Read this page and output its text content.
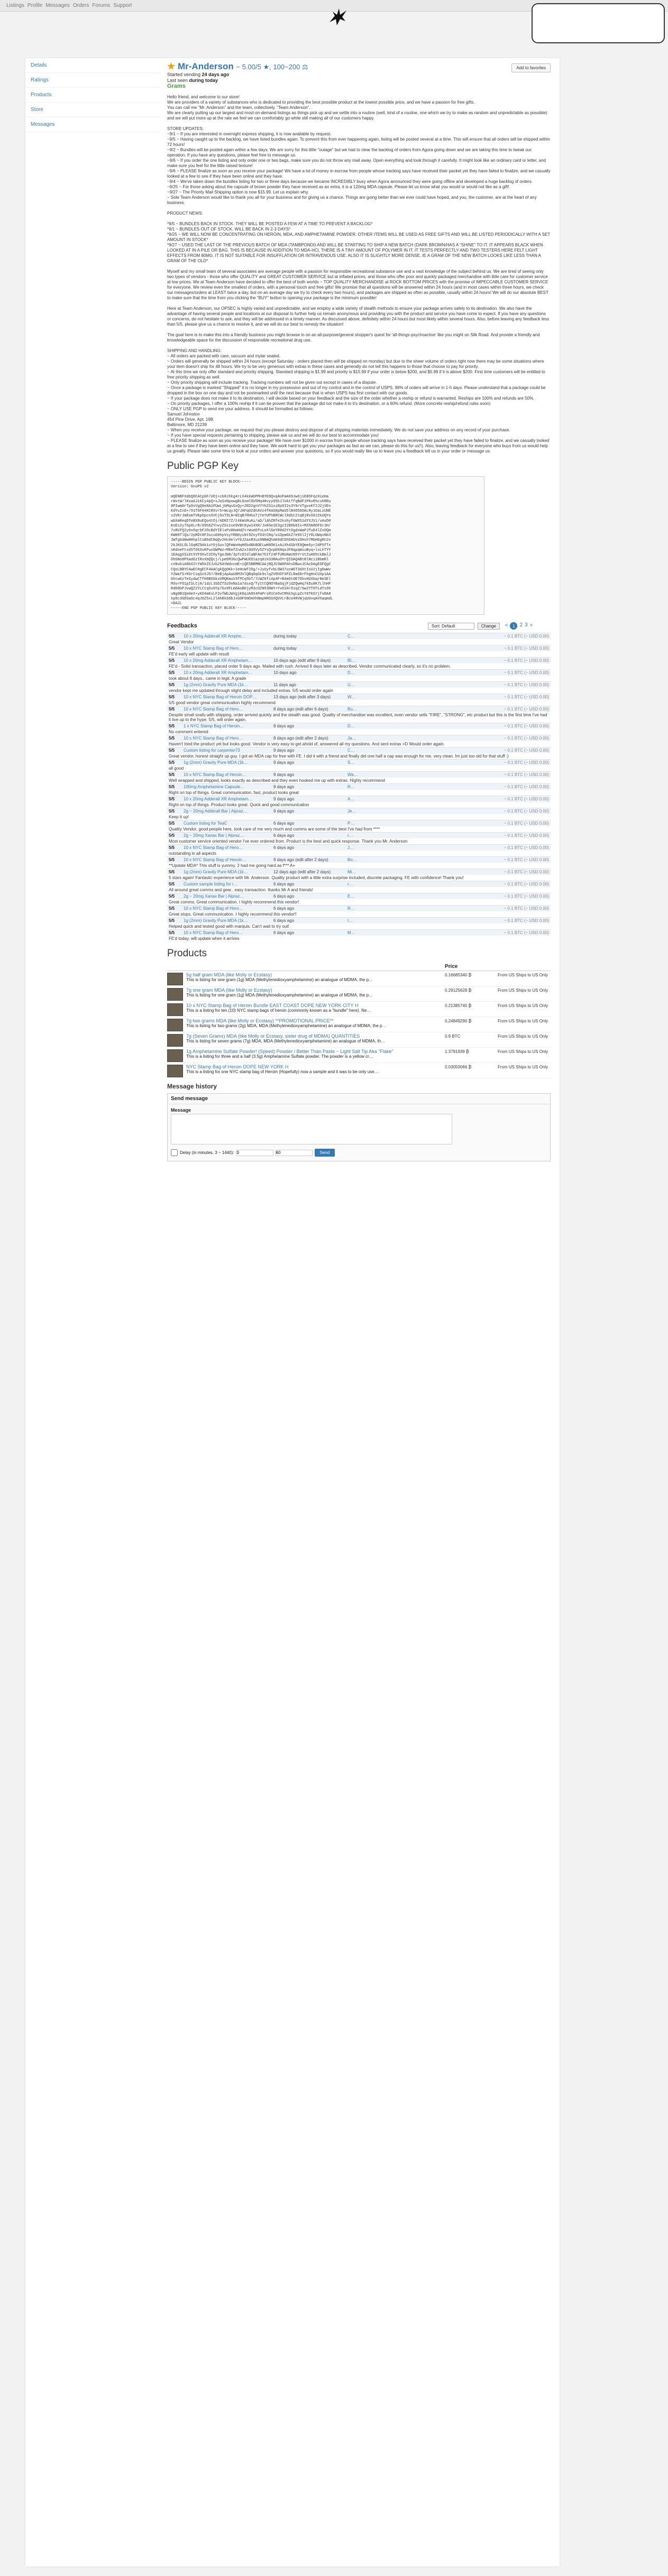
Listings Profile Messages Orders Forums Support
Details
Ratings
Products
Store
Messages
Add to favorites
★ Mr-Anderson ~ 5.00/5 ★, 100~200 ⚖
Started vending 24 days ago
Last seen during today
Grams
Hello friend, and welcome to our store!
We are providers of a variety of substances who is dedicated to providing the best possible product at the lowest possible price, and we have a passion for free gifts.
You can call me "Mr. Anderson" and the team, collectively, "Team Anderson".
We are clearly putting up our largest and most-on-demand listings as things pick up and we settle into a routine (well, kind of a routine, one which we try to make as random and unpredictable as possible) and we will put more up at the rate we feel we can comfortably go while still making all of our customers happy.

STORE UPDATES:
~9/1 ~ If you are interested in overnight express shipping, it is now available by request.
~9/5 ~ Having caught up to the backlog, we have listed bundles again. To prevent this from ever happening again, listing will be posted several at a time. This will ensure that all orders will be shipped within 72 hours!
~9/2 ~ Bundles will be posted again within a few days. We are sorry for this little "outage" but we had to clear the backlog of orders from Agora going down and we are taking this time to tweak our operation. If you have any questions, please feel free to message us.
~9/6 ~ If you order the one listing and only order one or two bags, make sure you do not throw any mail away. Open everything and look through it carefully. It might look like an ordinary card or letter, and make sure you feel for the little raised texture!
~9/6 ~ PLEASE finalize as soon as you receive your package! We have a lot of money in escrow from people whose tracking says have received their packet yet they have failed to finalize, and we casually looked at a few to see if they have been online and they have.
~9/4 ~ We've taken down the bundles listing for two or three days because we became INCREDIBLY busy when Agora announced they were going offline and developed a huge backlog of orders.
~9/25 ~ For those asking about the capsule of brown powder they have received as an extra, it is a 120mg MDA capsule. Please let us know what you would or would not like as a gift!
~9/27 ~ The Priority Mail Shipping option is now $15.99. Let us explain why.
~ Sole Team Anderson would like to thank you all for your business and for giving us a chance. Things are going better than we ever could have hoped, and you, the customer, are at the heart of any business.

PRODUCT NEWS:

*9/5 ~ BUNDLES BACK IN STOCK. THEY WILL BE POSTED A FEW AT A TIME TO PREVENT A BACKLOG*
*9/1 ~ BUNDLES OUT OF STOCK. WILL BE BACK IN 2-3 DAYS*
*9/25 ~ WE WILL NOW BE CONCENTRATING ON HEROIN, MDA, AND AMPHETAMINE POWDER. OTHER ITEMS WILL BE USED AS FREE GIFTS AND WILL BE LISTED PERIODICALLY WITH A SET AMOUNT IN STOCK*
*9/27 ~ USED THE LAST OF THE PREVIOUS BATCH OF MDA (TAMBPONDI) AND WILL BE STARTING TO SHIP A NEW BATCH (DARK BROWN/HAS A "SHINE" TO IT. IT APPEARS BLACK WHEN LOOKED AT IN A PILE OR BAG. THIS IS BECAUSE IN ADDITION TO MDA-HCl, THERE IS A TINY AMOUNT OF POLYMER IN IT. IT TESTS PERFECTLY AND TWO TESTERS HERE FELT LIGHT EFFECTS FROM 80MG. IT IS NOT SUITABLE FOR INSUFFLATION OR INTRAVENOUS USE. ALSO IT IS SLIGHTLY MORE DENSE, IE A GRAM OF THE NEW BATCH LOOKS LIKE LESS THAN A GRAM OF THE OLD*

Myself and my small team of several associates are average people with a passion for responsible recreational substance use and a vast knowledge of the subject behind us. We are tired of seeing only two types of vendors - those who offer QUALITY and GREAT CUSTOMER SERVICE but at inflated prices, and those who offer poor and quickly packaged merchandise with little care for customer service at low prices. We at Team Anderson have decided to offer the best of both worlds ~ TOP QUALITY MERCHANDISE at ROCK BOTTOM PRICES with the promise of IMPECCABLE CUSTOMER SERVICE for everyone. We review even the smallest of orders, with a personal touch and free gifts! We promise that all questions will be answered within 24 hours (and in most cases within three hours, we check our messages/orders at LEAST twice a day, but on an average day we try to check every two hours), and packages are shipped as often as possible, usually within 24 hours! We will do our absolute BEST to make sure that the time from you clicking the "BUY" button to opening your package is the minimum possible!

Here at Team Anderson, our OPSEC is highly varied and unpredictable, and we employ a wide variety of stealth methods to ensure your package arrives safely to its destination. We also have the advantage of having several people and locations at our disposal to further help us remain anonymous and providing you with the product and service you have come to expect. If you have any questions or concerns, do not hesitate to ask, and they will be addressed in a timely manner. As discussed above, definitely within 24 hours but most likely within several hours. Also, before leaving any feedback less than 5/5, please give us a chance to resolve it, and we will do our best to remedy the situation!

The goal here is to make this into a friendly business you might browse in on an all-purpose/general shopper's quest for 'all-things-psychoactive' like you might on Silk Road. And provide a friendly and knowledgeable space for the discussion of responsible recreational drug use.

SHIPPING AND HANDLING:
~ All orders are packed with care, vacuum and mylar sealed.
~ Orders will generally be shipped within 24 hours (except Saturday - orders placed then will be shipped on monday) but due to the sheer volume of orders right now there may be some situations where your item doesn't ship for 48 hours. We try to be very generous with extras in these cases and generally do not tell this happens to those that choose to pay for priority.
~ At this time we only offer standard and priority shipping. Standard shipping is $1.99 and priority is $15.99 if your order is below $200, and $5.99 if it is above $200. First time customers will be entitled to free priority shipping as well.
~ Only priority shipping will include tracking. Tracking numbers will not be given out except in cases of a dispute.
~ Once a package is marked "Shipped" it is no longer in my possession and out of my control and in the control of USPS. 99% of orders will arrive in 1-5 days. Please understand that a package could be dropped in the box on one day and not be postmarked until the next because that is when USPS has first contact with our goods.
~ If your package does not make it to its destination, I will decide based on your feedback and the size of the order whether a reship or refund is warranted. Reships are 100% and refunds are 50%.
~ On priority packages, I offer a 100% reship if it can be proven that the package did not make it to it's destination, or a 60% refund. (More concrete reship/refund rules soon)
~ ONLY USE PGP to send me your address. It should be formatted as follows:
Samuel Johnston
454 Pine Drive, Apt. 19B
Baltimore, MD 21239
~ When you receive your package, we request that you please destroy and dispose of all shipping materials immediately. We do not save your address on any record of your purchase.
~ If you have special requests pertaining to shipping, please ask us and we will do our best to accommodate you!
~ PLEASE finalize as soon as you receive your package! We have over $1000 in escrow from people whose tracking says have received their packet yet they have failed to finalize, and we casually looked at a few to see if they have been online and they have. We work hard to get you your packages as fast as we can, please do this for us!!). Also, leaving feedback for everyone who buys from us would help us greatly. Please take some time to look at your orders and answer your questions, so if you would really like us to leave you a feedback tell us in your order or message us.
Public PGP Key
-----BEGIN PGP PUBLIC KEY BLOCK-----
Version: GnuPG v2

mQENBFXdbQ8CACpGF/UOj+cb8JXkg4rLX4kkWUPMnBYE8QvqAUFmA69Jw6jiEB5Fqz0ieHa
rWvtW/lHxaAJiKCy4pQ+sJuSsNpowgBLGxeCOU5Mq4HvyyO5kJlVAtTfqBdF1PKvR5cshRRu
8PIwm0rTp9xVgQ9e8A1PUwLjbMqsGxQy+2ED2gnVYYh2S1xiRp9I2s3Y9rVTgvxKf2J2jVEn
KdYuInG+/91f6F04KCRXvr5+WcqyJQ7JAFq0ZdhAVz4fKmS0pMaU5lB4O5GOALRy1OaLzUNE
s2VKrJmEomTVKpOpcnXVCjOxT9LN+BIqB7RHhuTjYeYUPhB8CWcl9dbt2tqBjRvS8J2kUQYo
wbXmReqDfeBX8uEQo4tOj/ADNI7Z/t4kWsRuAi/aD/lAhZRfe2kshyf6WX51dYXJVi/vAvD0
KnEs2y7hp8LrR/d9h6ZYnvyZSs1xe9VBt8ywI4XR/JxKGe1E3gzI2B0b6Ix+MX5N8OFGr3H/
7xRUfQ2y0xOqrbF2OcBdYIElxPv8KmHdZtrWueDfnLoXlGeYR8d2YtOgdxWaPJfuE4lZx0Qm
KWH8TlQo/2pMDt8F3scu60hpVsyYRB0yiNt9ZnyfD4tCRq/u1DpmGkZ7e9XlIjY8LOWqvNb3
JWfg6dHw0HhplCsB6dCNqQv2Hc0elvYbJ2axR3uz0NBmQhAK0dCGhDAbVzOHsh7MbHGgRn2v
2kJK6LOLlGqMZ9Ak1uY0jGuvlQFmWxHqH6b4BkBOELwH8OK1xAiXh4SbYE9Qme6yr2dP5fTx
nKdoeFtxd5T6hXvKPuoSWPWz+MEmfZnA2xt0U5Vy5ZYsQvpEKNqoJFNqpqWiuByq+lxLhTYY
1EAqgXSi0t5YF9XvC3I0yTgeJN8/3pTcOIdlaNFAe7hIf24FfURUAWzN5YrVtZuH05tkBmlJ
OhSNo8PXadGzIRxXbQQcj/Lpm5M3GcQwPWUXD1azq0ikG3RAuOYrQIDAQABtBlNci1BbmRl
cnNvbiA8bXItYW5kZXJzb25AYWdvcmE+iQE5BBMBCAAjBQJV3W0PAhsDBwsJCAcDAgEGFQgC
CQoLBBYCAwECHgECF4AACgkQg0Kk+1eHvWf2Dg/+JyUyfvbLOW37ucWGT3dXtIsU2jIg0wWv
Y2WafS+M3rCsqSx5J57/BeBjApAaU8M3VlQBqOqGk9slqZVOhDfXPZLRmG8rFhgHnCUXp1AA
Ghtw6zTeSydwCTfH9BSGkxUMQKmuV3fPCq5bT/7cWZ0fi4p4F+B4mOt0E7OkvHUXbqrNeSEl
MSvrFO1pISLCjA/1dzL3SDZTSzOnNa1a7dsxQ/TyItCQNOYBaGqjFjdZQwHq7kDu8K7LlhHF
RdD0bPJvwQZ2YLCtqSv0Yp7Gx9FLm6AoBHjyM3cDZN53RWY+YvO1HrOiqZ/6w2YT0TLdYs9h
uNg0B1QeHeX+yKO4mKsLF2vfWbJmVgjK8qJA8X4FmPrsR1CeOvCMhk5gLpZcY6TKG7jfxRA8
kp0c3GDSaGc4qJGZ5xL2lAhRkS8bJxG0F6NOAXhBmpHRGSXQUVLrBcU4RVWjqUUvqAVXaqmdL
=DA2L
-----END PGP PUBLIC KEY BLOCK-----
Feedbacks	Sort: Default	Change	«	1 2 3 »
5/5	10 x 20mg Adderall XR Amphe…	during today	C…	~ 0.1 BTC (~ USD 0.00)
Great Vendor				
5/5	10 x NYC Stamp Bag of Hero…	during today	V…	~ 0.1 BTC (~ USD 0.00)
FE'd early will update with result				
5/5	10 x 20mg Adderall XR Amphetam…	10 days ago (edit after 9 days)	Bl…	~ 0.1 BTC (~ USD 0.00)
FE'd - Solid transaction, placed order 9 days ago. Mailed with rush. Arrived 8 days later as described. Vendor communicated clearly, so it's no problem.				
5/5	10 x 20mg Adderall XR Amphetam…	10 days ago	D…	~ 0.1 BTC (~ USD 0.00)
took about 8 days.. came in legit. A grade				
5/5	1g (2mm) Gravity Pure MDA (1k…	11 days ago	U…	~ 0.1 BTC (~ USD 0.00)
vendor kept me updated through slight delay and included extras. 5/5 would order again				
5/5	10 x NYC Stamp Bag of Heroin DOP…	13 days ago (edit after 3 days)	W…	~ 0.1 BTC (~ USD 0.00)
5/5 good vendor great communication highly recommend				
5/5	10 x NYC Stamp Bag of Hero…	8 days ago (edit after 6 days)	Bu…	~ 0.1 BTC (~ USD 0.00)
Despite small snafu with shipping, order arrived quickly and the stealth was good. Quality of merchandise was excellent, even vendor sells "FIRE", "STRONG", etc product but this is the first time I've had it live up to the hype. 5/5, will order again.				
5/5	1 x NYC Stamp Bag of Heroin…	8 days ago	D…	~ 0.1 BTC (~ USD 0.00)
No comment entered				
5/5	10 x NYC Stamp Bag of Hero…	8 days ago (edit after 2 days)	Ja…	~ 0.1 BTC (~ USD 0.00)
Haven't tried the product yet but looks good. Vendor is very easy to get ahold of, answered all my questions. And sent extras =D Would order again.				
5/5	Custom listing for carpenter73	9 days ago	C…	~ 0.1 BTC (~ USD 0.00)
Great vendor, honest straight up guy. I got an MDA cap for free with FE. I did it with a friend and finally did one half a cap was enough for me, very clean. Im just too old for that stuff :)				
5/5	1g (2mm) Gravity Pure MDA (1k…	9 days ago	S…	~ 0.1 BTC (~ USD 0.00)
all good				
5/5	10 x NYC Stamp Bag of Heroin…	9 days ago	Wa…	~ 0.1 BTC (~ USD 0.00)
Well wrapped and shipped, looks exactly as described and they even hooked me up with extras. Highly recommend				
5/5	100mg Amphetamine Capsule…	9 days ago	R…	~ 0.1 BTC (~ USD 0.00)
Right on top of things. Great communication, fast, product looks great				
5/5	10 x 20mg Adderall XR Amphetam…	9 days ago	A…	~ 0.1 BTC (~ USD 0.00)
Right on top of things. Product looks great. Quick and good communication				
5/5	2g ~ 20mg Adderall Bar | Alpraz…	9 days ago	Je…	~ 0.1 BTC (~ USD 0.00)
Keep it up!				
5/5	Custom listing for TeaC	6 days ago	P…	~ 0.1 BTC (~ USD 0.00)
Quality Vendor, good people here, took care of me very much and comms are some of the best I've had from ****				
5/5	2g ~ 20mg Xanax Bar | Alpraz…	6 days ago	r…	~ 0.1 BTC (~ USD 0.00)
Most customer service oriented vendor I've ever ordered from. Product is the best and quick response. Thank you Mr. Anderson				
5/5	10 x NYC Stamp Bag of Hero…	6 days ago	J…	~ 0.1 BTC (~ USD 0.00)
outstanding in all aspects				
5/5	10 x NYC Stamp Bag of Heroin…	9 days ago (edit after 2 days)	Bo…	~ 0.1 BTC (~ USD 0.00)
**Update MDA* This stuff is yummy. 2 had me going hard as f*** A+				
5/5	1g (2mm) Gravity Pure MDA (1k…	12 days ago (edit after 2 days)	Mi…	~ 0.1 BTC (~ USD 0.00)
5 stars again! Fantastic experience with Mr. Anderson. Quality product with a little extra surprise included, discrete packaging. FE with confidence! Thank you!				
5/5	Custom sample listing for r…	6 days ago	r…	~ 0.1 BTC (~ USD 0.00)
All around great comms and gear.. easy transaction. thanks Mr A and friends!				
5/5	2g ~ 20mg Xanax Bar | Alpraz…	6 days ago	E…	~ 0.1 BTC (~ USD 0.00)
Great comms. Great communication. I highly recommend this vendor!				
5/5	10 x NYC Stamp Bag of Hero…	6 days ago	R…	~ 0.1 BTC (~ USD 0.00)
Great stops. Great communication. I highly recommend this vendor!!				
5/5	1g (2mm) Gravity Pure MDA (1k…	6 days ago	I…	~ 0.1 BTC (~ USD 0.00)
Helped quick and tested good with marquis. Can't wait to try out!				
5/5	10 x NYC Stamp Bag of Hero…	6 days ago	M…	~ 0.1 BTC (~ USD 0.00)
FE'd today, will update when it arrives				
Products
Price
5g half gram MDA (like Molly or Ecstasy)
This is listing for one gram (1g) MDA (Methylenedioxyamphetamine) an analogue of MDMA, the p…
0.16685340 ₿	From US Ships to US Only
7g one gram MDA (like Molly or Ecstasy)
This is listing for one gram (1g) MDA (Methylenedioxyamphetamine) an analogue of MDMA, the p…
0.29125628 ₿	From US Ships to US Only
10 x NYC Stamp Bag of Heroin Bundle EAST COAST DOPE NEW YORK CITY H
This is a listing for ten (10) NYC stamp bags of heroin (commonly known as a "bundle" here). Ne…
0.21385740 ₿	From US Ships to US Only
7g two grams MDA (like Molly or Ecstasy) **PROMOTIONAL PRICE**
This is listing for two grams (2g) MDA, MDA (Methylenedioxyamphetamine) an analogue of MDMA, the p…
0.24849290 ₿	From US Ships to US Only
7g (Seven Grams) MDA (like Molly or Ecstasy, sister drug of MDMA) QUANTITIES
This is listing for seven grams (7g) MDA, MDA (Methylenedioxyamphetamine) an analogue of MDMA, th…
0.9 BTC	From US Ships to US Only
1g Amphetamine Sulfate Powder! (Speed) Powder / Better Than Paste ~ Light Salt Tip Aka "Flake"
This is a listing for three and a half (3.5g) Amphetamine Sulfate powder. The powder is a yellow cr…
1.3791939 ₿	From US Ships to US Only
NYC Stamp Bag of Heroin DOPE NEW YORK H
This is a listing for one NYC stamp bag of Heroin (Hopefully) now a sample and it was to be only use…
0.03050066 ₿	From US Ships to US Only
Message history
Send message
Message
Delay (in minutes, 3 ~ 1440):
0
60	Send
